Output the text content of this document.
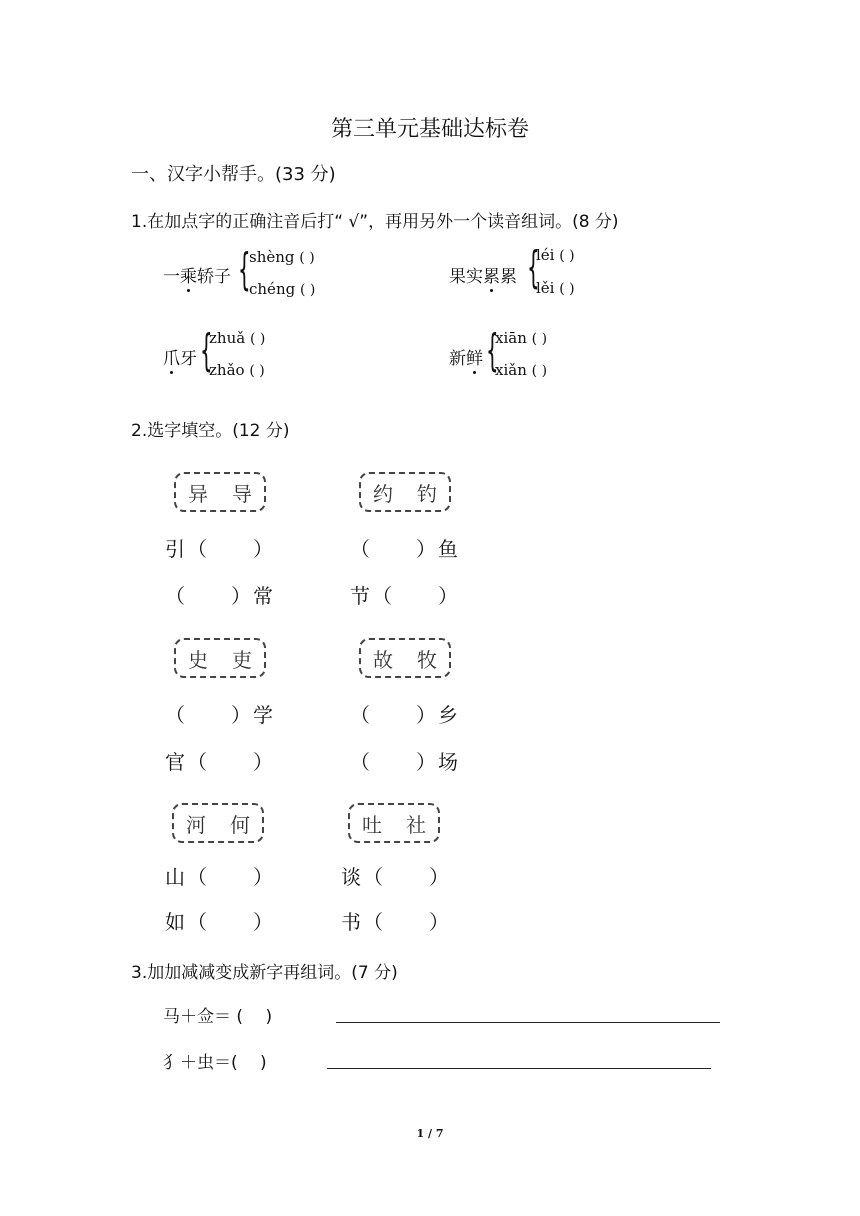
第三单元基础达标卷
一、汉字小帮手。(33 分)
1.在加点字的正确注音后打“ √”，再用另外一个读音组词。(8 分)
一乘轿子 {
shèng ( )
chéng ( )
果实累累 {
léi ( )
lěi ( )
爪牙 {
zhuǎ ( )
zhǎo ( )
新鲜 {
xiān ( )
xiǎn ( )
2.选字填空。(12 分)
异 导	约 钓
引（　　）	（　　）鱼
（　　）常	节（　　）
史 吏	故 牧
（　　）学	（　　）乡
官（　　）	（　　）场
河 何	吐 社
山（　　）	谈（　　）
如（　　）	书（　　）
3.加加减减变成新字再组词。(7 分)
马＋佥＝ (　 )
犭＋虫＝(　 )
1 / 7
